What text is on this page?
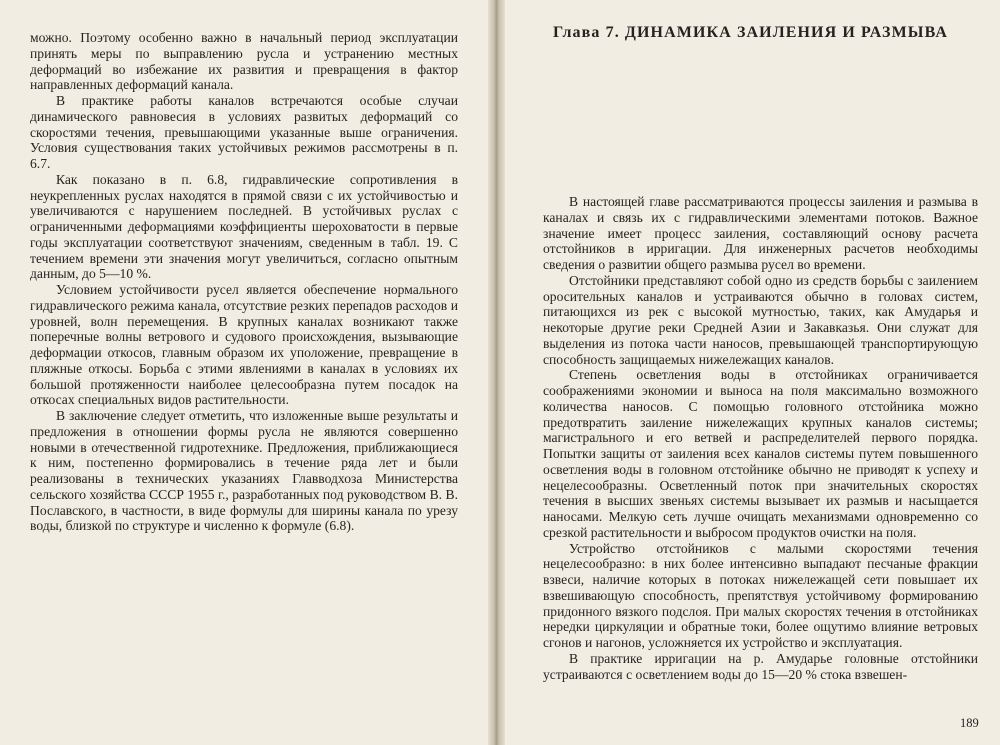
можно. Поэтому особенно важно в начальный период эксплуатации принять меры по выправлению русла и устранению местных деформаций во избежание их развития и превращения в фактор направленных деформаций канала.

В практике работы каналов встречаются особые случаи динамического равновесия в условиях развитых деформаций со скоростями течения, превышающими указанные выше ограничения. Условия существования таких устойчивых режимов рассмотрены в п. 6.7.

Как показано в п. 6.8, гидравлические сопротивления в неукрепленных руслах находятся в прямой связи с их устойчивостью и увеличиваются с нарушением последней. В устойчивых руслах с ограниченными деформациями коэффициенты шероховатости в первые годы эксплуатации соответствуют значениям, сведенным в табл. 19. С течением времени эти значения могут увеличиться, согласно опытным данным, до 5—10 %.

Условием устойчивости русел является обеспечение нормального гидравлического режима канала, отсутствие резких перепадов расходов и уровней, волн перемещения. В крупных каналах возникают также поперечные волны ветрового и судового происхождения, вызывающие деформации откосов, главным образом их уположение, превращение в пляжные откосы. Борьба с этими явлениями в каналах в условиях их большой протяженности наиболее целесообразна путем посадок на откосах специальных видов растительности.

В заключение следует отметить, что изложенные выше результаты и предложения в отношении формы русла не являются совершенно новыми в отечественной гидротехнике. Предложения, приближающиеся к ним, постепенно формировались в течение ряда лет и были реализованы в технических указаниях Главводхоза Министерства сельского хозяйства СССР 1955 г., разработанных под руководством В. В. Пославского, в частности, в виде формулы для ширины канала по урезу воды, близкой по структуре и численно к формуле (6.8).

Глава 7. ДИНАМИКА ЗАИЛЕНИЯ И РАЗМЫВА

В настоящей главе рассматриваются процессы заиления и размыва в каналах и связь их с гидравлическими элементами потоков. Важное значение имеет процесс заиления, составляющий основу расчета отстойников в ирригации. Для инженерных расчетов необходимы сведения о развитии общего размыва русел во времени.

Отстойники представляют собой одно из средств борьбы с заилением оросительных каналов и устраиваются обычно в головах систем, питающихся из рек с высокой мутностью, таких, как Амударья и некоторые другие реки Средней Азии и Закавказья. Они служат для выделения из потока части наносов, превышающей транспортирующую способность защищаемых нижележащих каналов.

Степень осветления воды в отстойниках ограничивается соображениями экономии и выноса на поля максимально возможного количества наносов. С помощью головного отстойника можно предотвратить заиление нижележащих крупных каналов системы; магистрального и его ветвей и распределителей первого порядка. Попытки защиты от заиления всех каналов системы путем повышенного осветления воды в головном отстойнике обычно не приводят к успеху и нецелесообразны. Осветленный поток при значительных скоростях течения в высших звеньях системы вызывает их размыв и насыщается наносами. Мелкую сеть лучше очищать механизмами одновременно со срезкой растительности и выбросом продуктов очистки на поля.

Устройство отстойников с малыми скоростями течения нецелесообразно: в них более интенсивно выпадают песчаные фракции взвеси, наличие которых в потоках нижележащей сети повышает их взвешивающую способность, препятствуя устойчивому формированию придонного вязкого подслоя. При малых скоростях течения в отстойниках нередки циркуляции и обратные токи, более ощутимо влияние ветровых сгонов и нагонов, усложняется их устройство и эксплуатация.

В практике ирригации на р. Амударье головные отстойники устраиваются с осветлением воды до 15—20 % стока взвешен-

189
